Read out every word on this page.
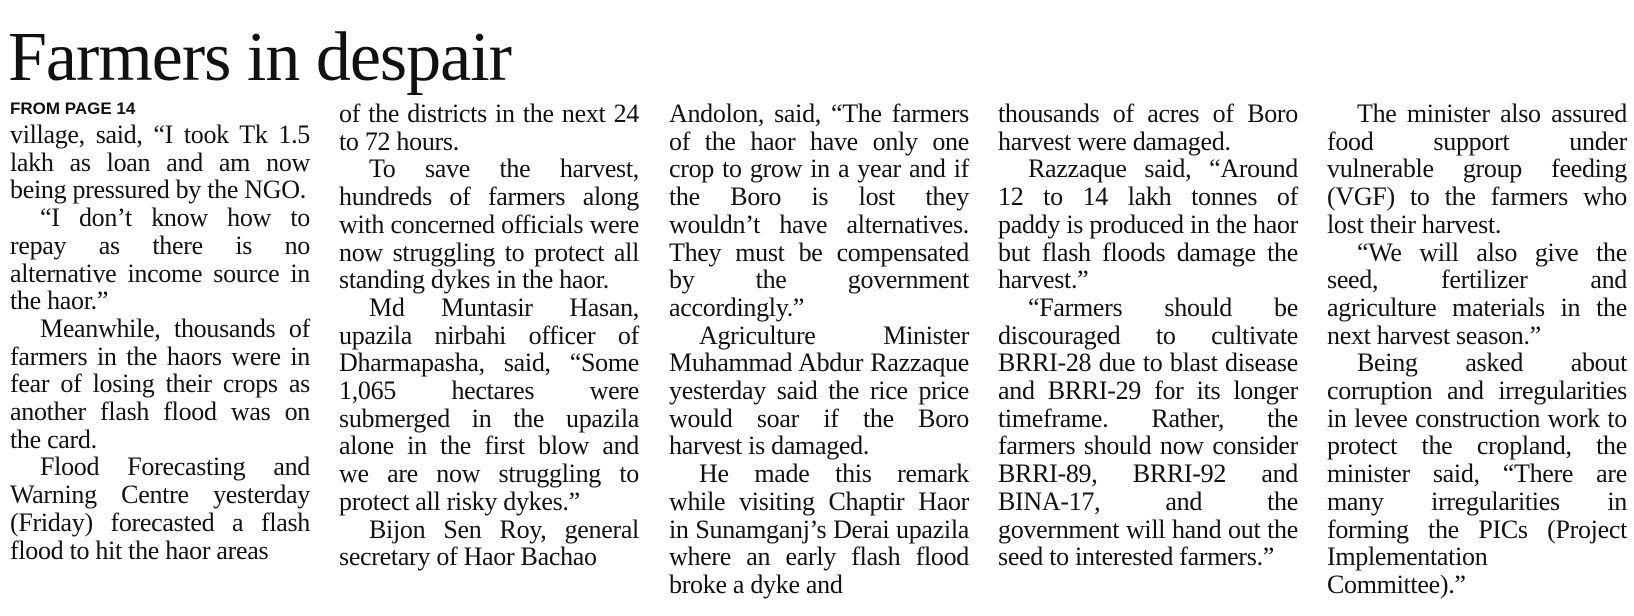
Farmers in despair
FROM PAGE 14

village, said, “I took Tk 1.5 lakh as loan and am now being pressured by the NGO.

“I don’t know how to repay as there is no alternative income source in the haor.”

Meanwhile, thousands of farmers in the haors were in fear of losing their crops as another flash flood was on the card.

Flood Forecasting and Warning Centre yesterday (Friday) forecasted a flash flood to hit the haor areas

of the districts in the next 24 to 72 hours.

To save the harvest, hundreds of farmers along with concerned officials were now struggling to protect all standing dykes in the haor.

Md Muntasir Hasan, upazila nirbahi officer of Dharmapasha, said, “Some 1,065 hectares were submerged in the upazila alone in the first blow and we are now struggling to protect all risky dykes.”

Bijon Sen Roy, general secretary of Haor Bachao

Andolon, said, “The farmers of the haor have only one crop to grow in a year and if the Boro is lost they wouldn’t have alternatives. They must be compensated by the government accordingly.”

Agriculture Minister Muhammad Abdur Razzaque yesterday said the rice price would soar if the Boro harvest is damaged.

He made this remark while visiting Chaptir Haor in Sunamganj’s Derai upazila where an early flash flood broke a dyke and

thousands of acres of Boro harvest were damaged.

Razzaque said, “Around 12 to 14 lakh tonnes of paddy is produced in the haor but flash floods damage the harvest.”

“Farmers should be discouraged to cultivate BRRI-28 due to blast disease and BRRI-29 for its longer timeframe. Rather, the farmers should now consider BRRI-89, BRRI-92 and BINA-17, and the government will hand out the seed to interested farmers.”

The minister also assured food support under vulnerable group feeding (VGF) to the farmers who lost their harvest.

“We will also give the seed, fertilizer and agriculture materials in the next harvest season.”

Being asked about corruption and irregularities in levee construction work to protect the cropland, the minister said, “There are many irregularities in forming the PICs (Project Implementation Committee).”
